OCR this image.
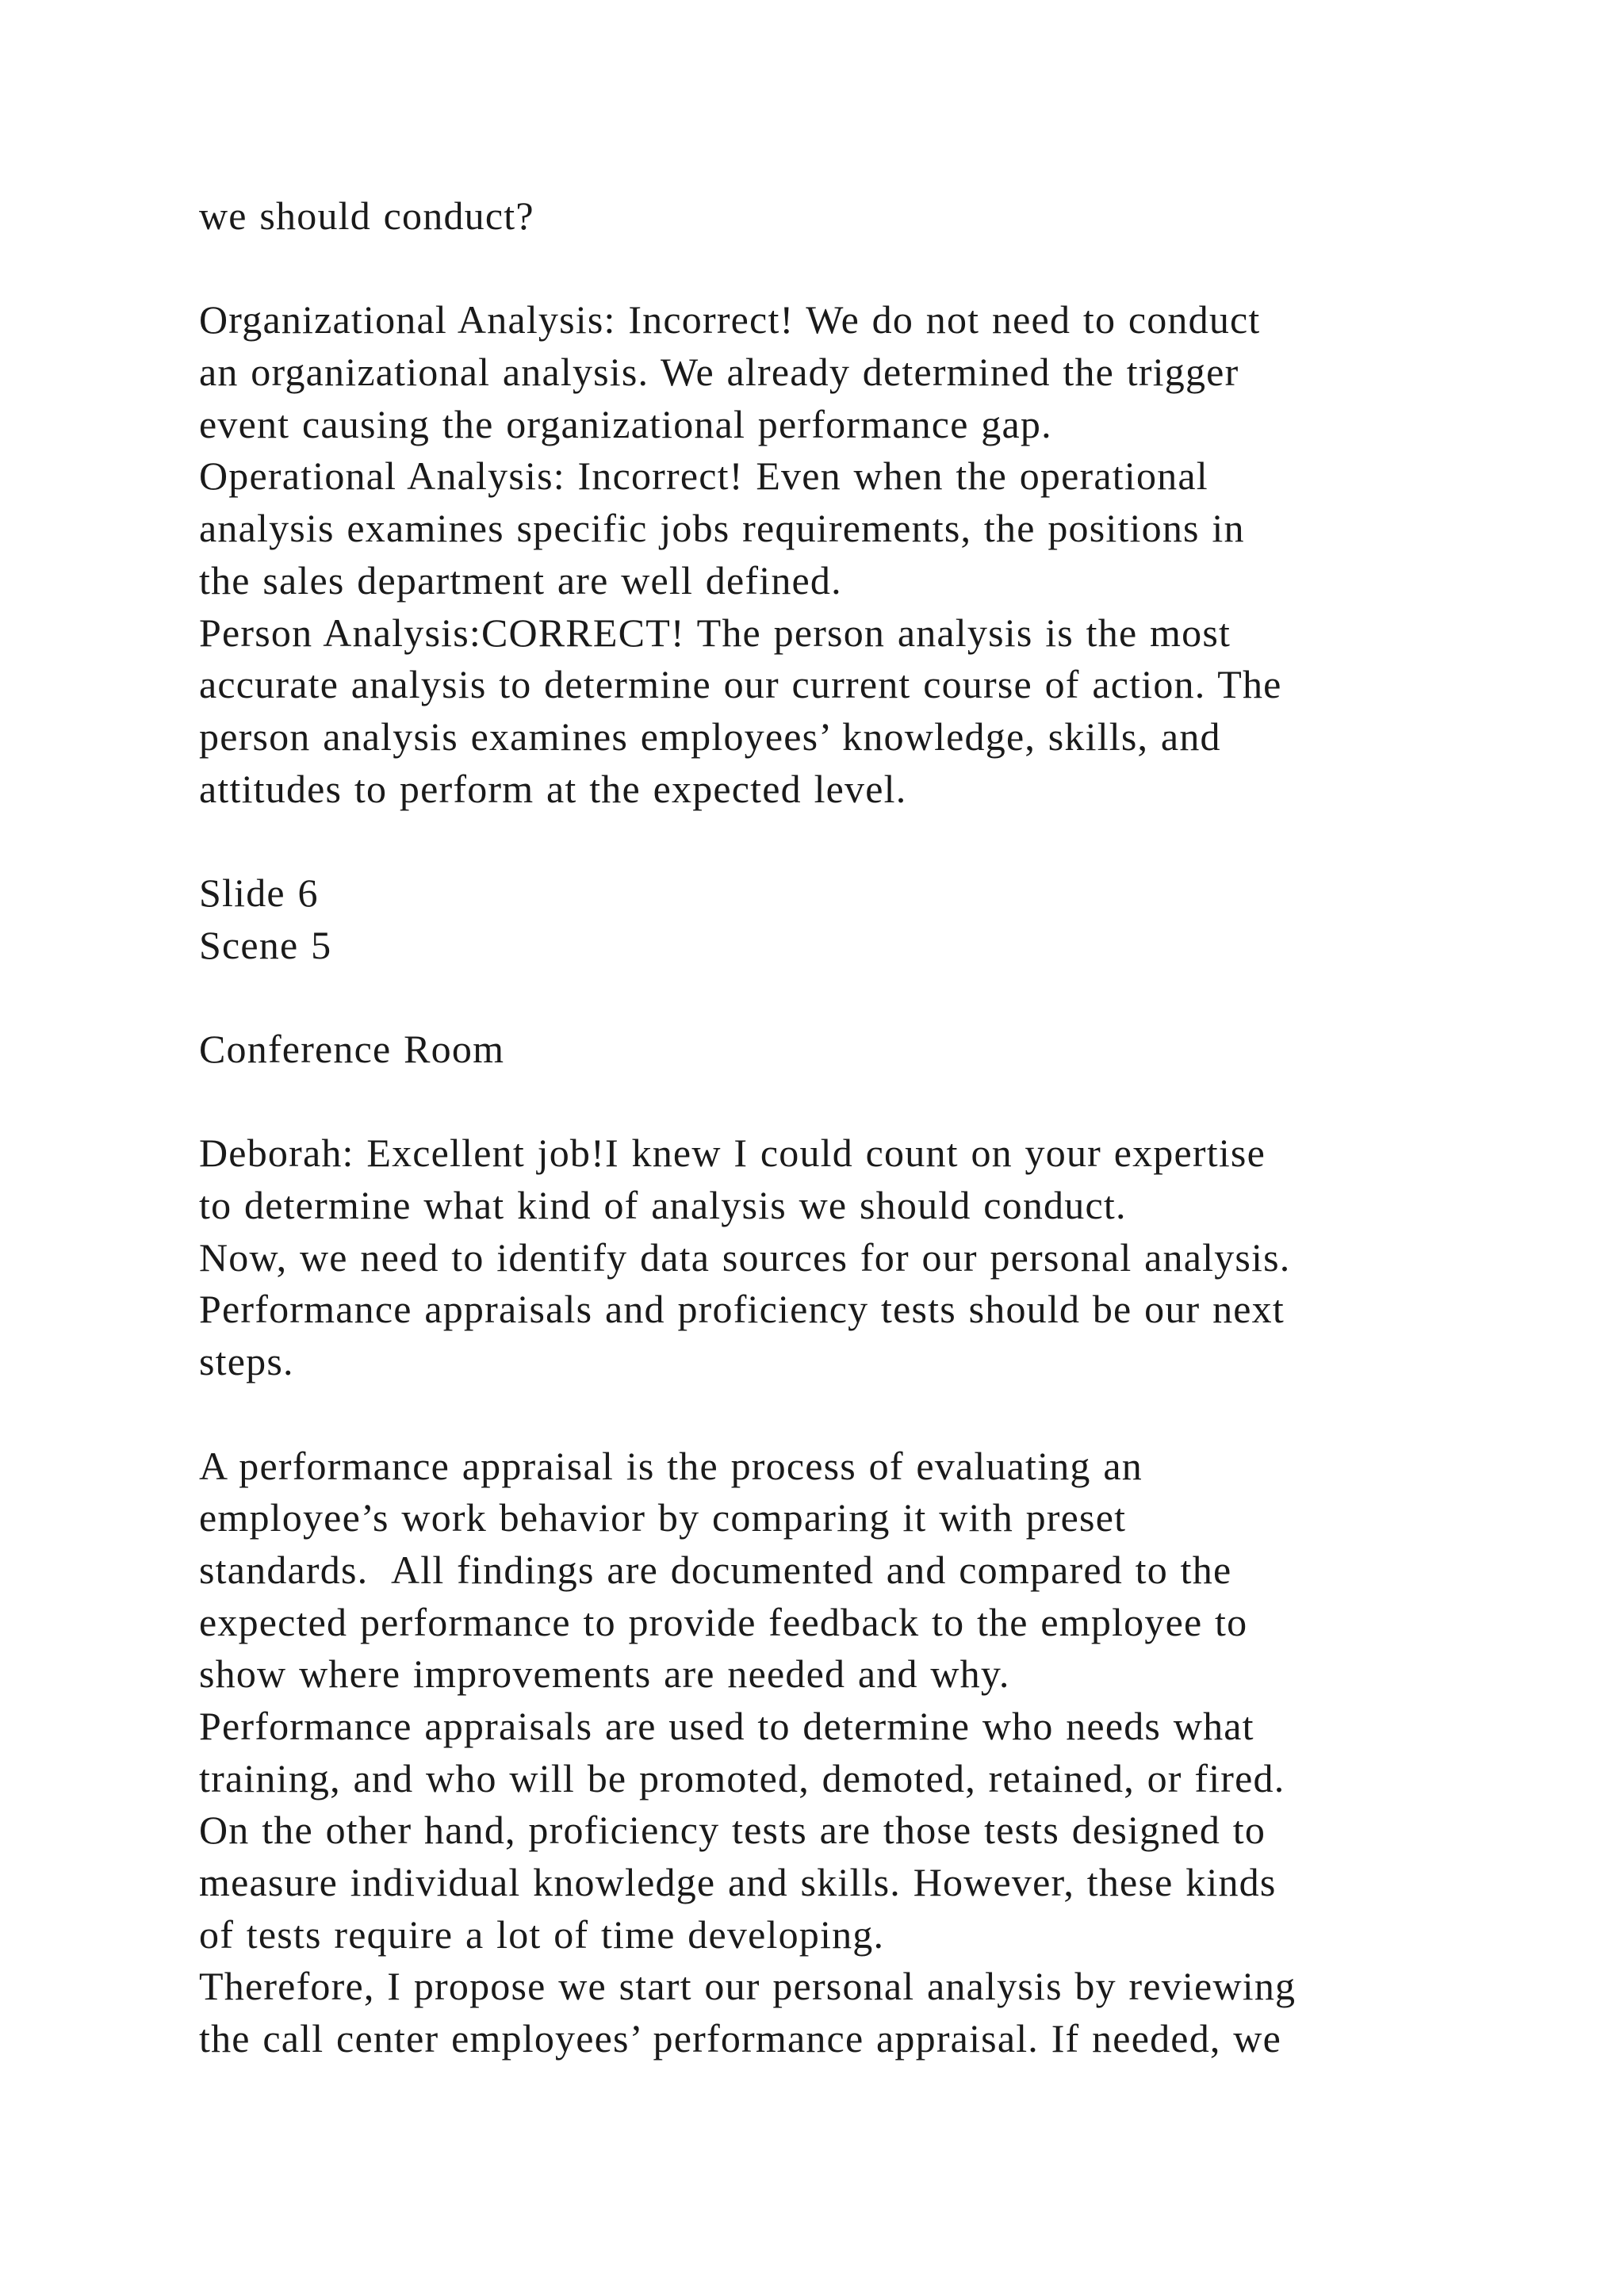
we should conduct?
Organizational Analysis: Incorrect! We do not need to conduct
an organizational analysis. We already determined the trigger
event causing the organizational performance gap.
Operational Analysis: Incorrect! Even when the operational
analysis examines specific jobs requirements, the positions in
the sales department are well defined.
Person Analysis:CORRECT! The person analysis is the most
accurate analysis to determine our current course of action. The
person analysis examines employees’ knowledge, skills, and
attitudes to perform at the expected level.
Slide 6
Scene 5
Conference Room
Deborah: Excellent job!I knew I could count on your expertise
to determine what kind of analysis we should conduct.
Now, we need to identify data sources for our personal analysis.
Performance appraisals and proficiency tests should be our next
steps.
A performance appraisal is the process of evaluating an
employee’s work behavior by comparing it with preset
standards.  All findings are documented and compared to the
expected performance to provide feedback to the employee to
show where improvements are needed and why.
Performance appraisals are used to determine who needs what
training, and who will be promoted, demoted, retained, or fired.
On the other hand, proficiency tests are those tests designed to
measure individual knowledge and skills. However, these kinds
of tests require a lot of time developing.
Therefore, I propose we start our personal analysis by reviewing
the call center employees’ performance appraisal. If needed, we
